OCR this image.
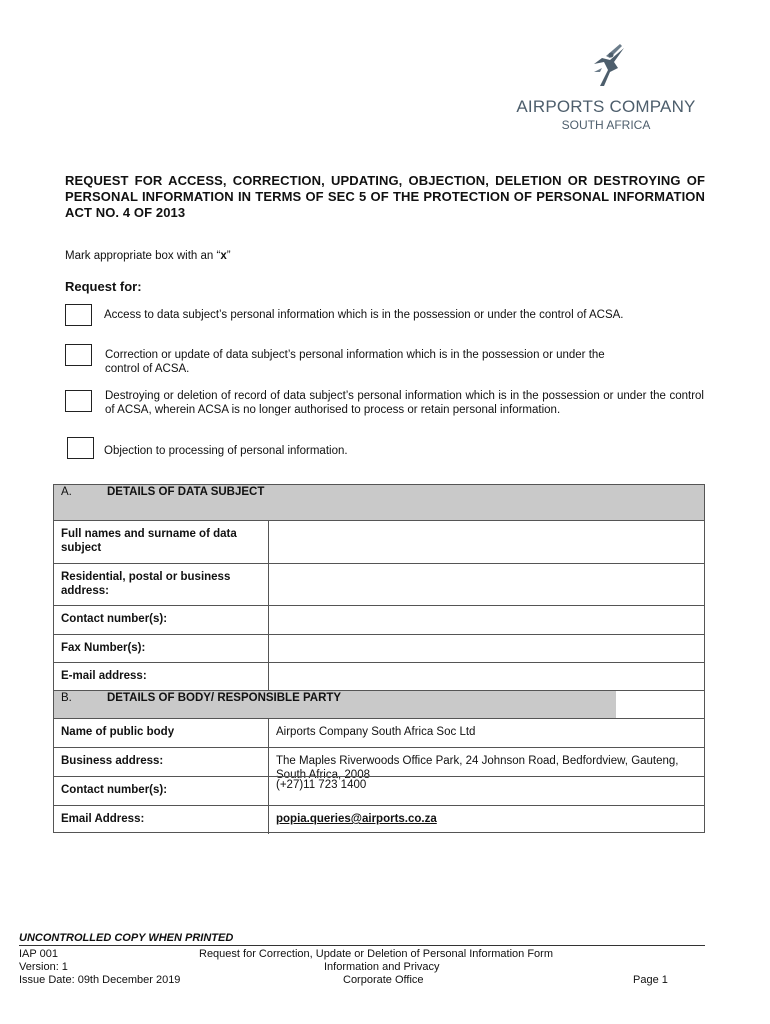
AIRPORTS COMPANY
SOUTH AFRICA
REQUEST FOR ACCESS, CORRECTION, UPDATING, OBJECTION, DELETION OR DESTROYING OF PERSONAL INFORMATION IN TERMS OF SEC 5 OF THE PROTECTION OF PERSONAL INFORMATION ACT NO. 4 OF 2013
Mark appropriate box with an “x”
Request for:
Access to data subject’s personal information which is in the possession or under the control of ACSA.
Correction or update of data subject’s personal information which is in the possession or under the control of ACSA.
Destroying or deletion of record of data subject’s personal information which is in the possession or under the control of ACSA, wherein ACSA is no longer authorised to process or retain personal information.
Objection to processing of personal information.
A.	DETAILS OF DATA SUBJECT
Full names and surname of data subject
Residential, postal or business address:
Contact number(s):
Fax Number(s):
E-mail address:
B.	DETAILS OF BODY/ RESPONSIBLE PARTY
Name of public body	Airports Company South Africa Soc Ltd
Business address:	The Maples Riverwoods Office Park, 24 Johnson Road, Bedfordview, Gauteng, South Africa, 2008
Contact number(s):	(+27)11 723 1400
Email Address:	popia.queries@airports.co.za
UNCONTROLLED COPY WHEN PRINTED
IAP 001
Version: 1
Issue Date: 09th December 2019
Request for Correction, Update or Deletion of Personal Information Form
Information and Privacy
Corporate Office	Page 1
